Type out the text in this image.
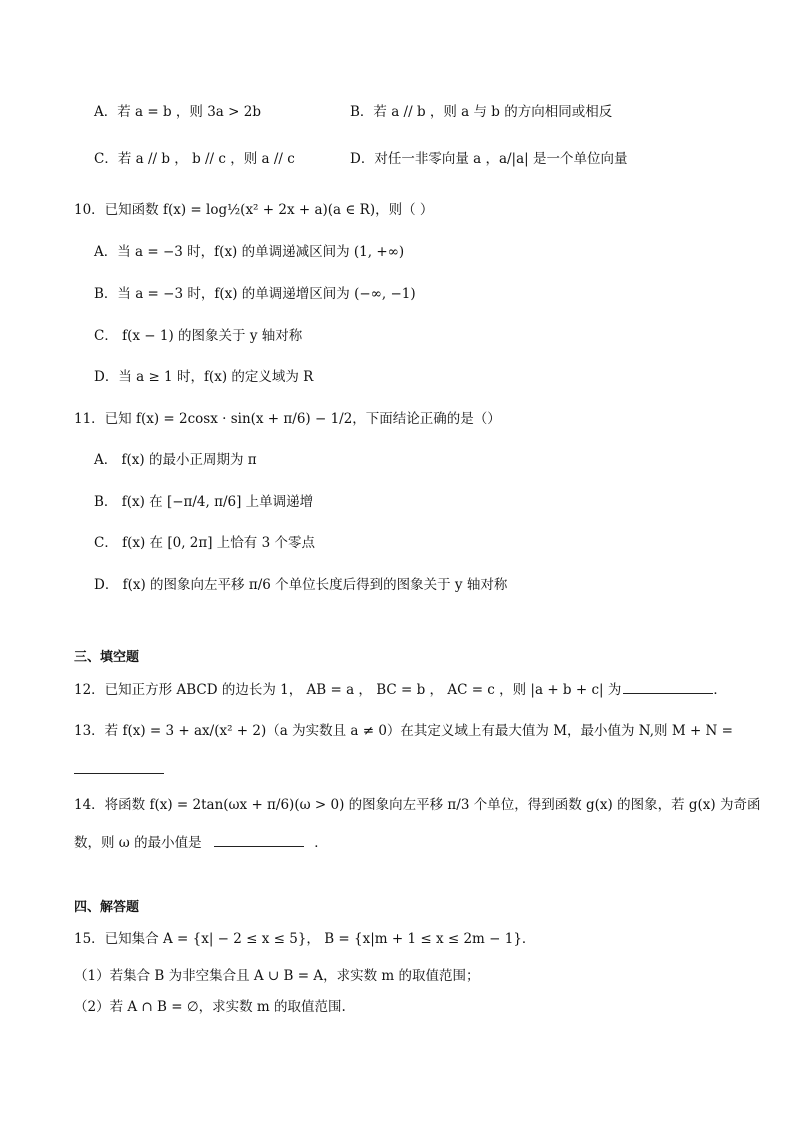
A．若 a = b ，则 3a > 2b	B．若 a // b ，则 a 与 b 的方向相同或相反
C．若 a // b ， b // c ，则 a // c	D．对任一非零向量 a ，a/|a| 是一个单位向量
10．已知函数 f(x) = log½(x² + 2x + a)(a ∈ R)，则（ ）
A．当 a = −3 时，f(x) 的单调递减区间为 (1, +∞)
B．当 a = −3 时，f(x) 的单调递增区间为 (−∞, −1)
C． f(x − 1) 的图象关于 y 轴对称
D．当 a ≥ 1 时，f(x) 的定义域为 R
11．已知 f(x) = 2cosx · sin(x + π/6) − 1/2，下面结论正确的是（）
A． f(x) 的最小正周期为 π
B． f(x) 在 [−π/4, π/6] 上单调递增
C． f(x) 在 [0, 2π] 上恰有 3 个零点
D． f(x) 的图象向左平移 π/6 个单位长度后得到的图象关于 y 轴对称
三、填空题
12．已知正方形 ABCD 的边长为 1， AB = a ， BC = b ， AC = c ，则 |a + b + c| 为	．
13．若 f(x) = 3 + ax/(x² + 2)（a 为实数且 a ≠ 0）在其定义域上有最大值为 M，最小值为 N,则 M + N =
14．将函数 f(x) = 2tan(ωx + π/6)(ω > 0) 的图象向左平移 π/3 个单位，得到函数 g(x) 的图象，若 g(x) 为奇函
数，则 ω 的最小值是	．
四、解答题
15．已知集合 A = {x| − 2 ≤ x ≤ 5}， B = {x|m + 1 ≤ x ≤ 2m − 1}．
（1）若集合 B 为非空集合且 A ∪ B = A，求实数 m 的取值范围；
（2）若 A ∩ B = ∅，求实数 m 的取值范围.
